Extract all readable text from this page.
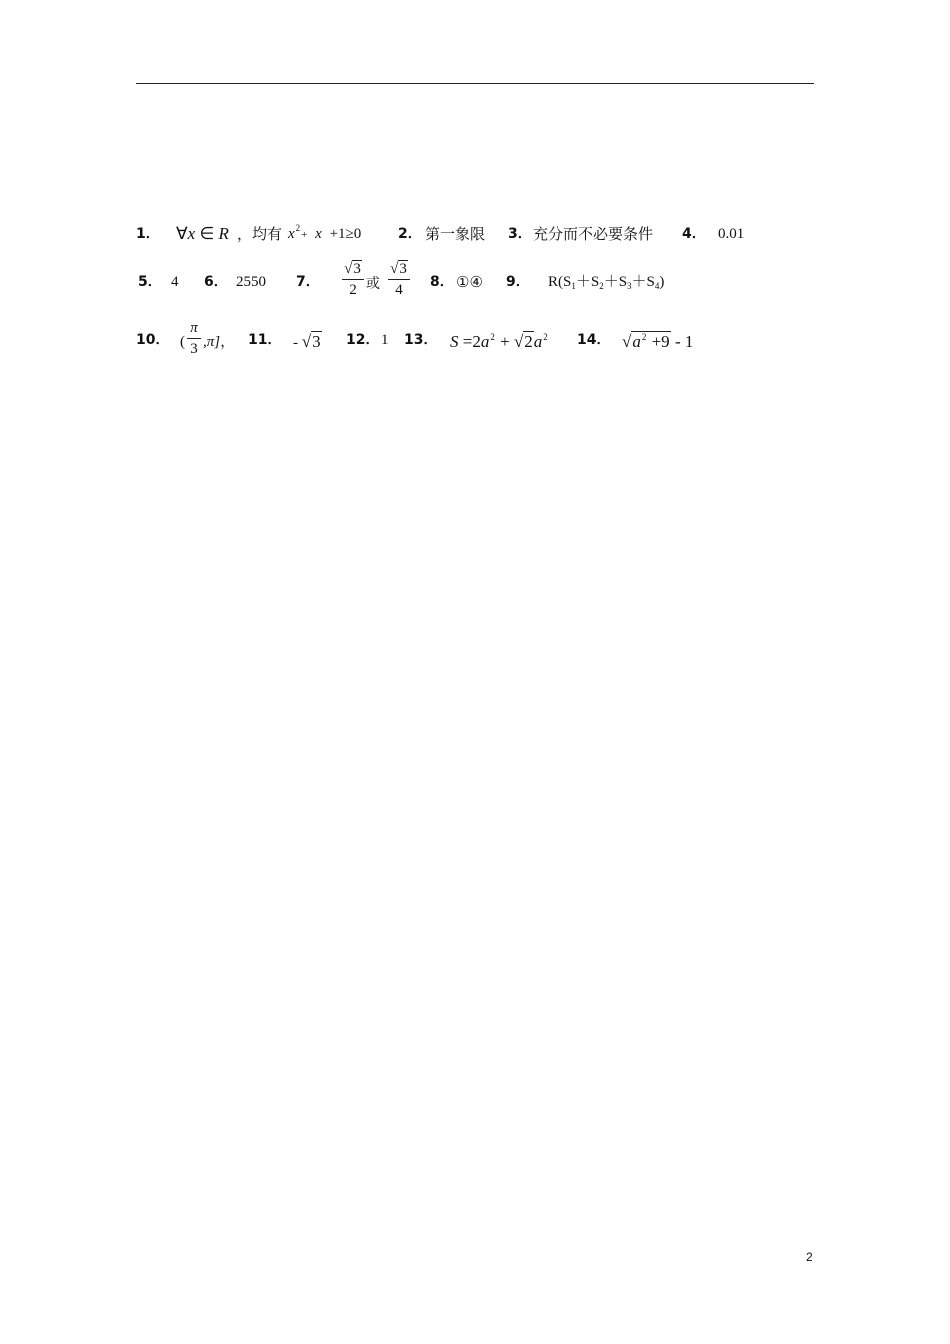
1． ∀x ∈ R ，均有 $x^2+ x +1\ge 0$	2． 第一象限 3． 充分而不必要条件 4． 0.01
5． 4 6． 2550 7．
√3
2 或
√3
4	8． ①④ 9． $R(S_1+S_2+S_3+S_4)$
10． (
π
3 ,π]， 11． - √3 12． 1 13． $S =2a^2 + √2a^2$ 14． $√a^2 +9 - 1$
2
